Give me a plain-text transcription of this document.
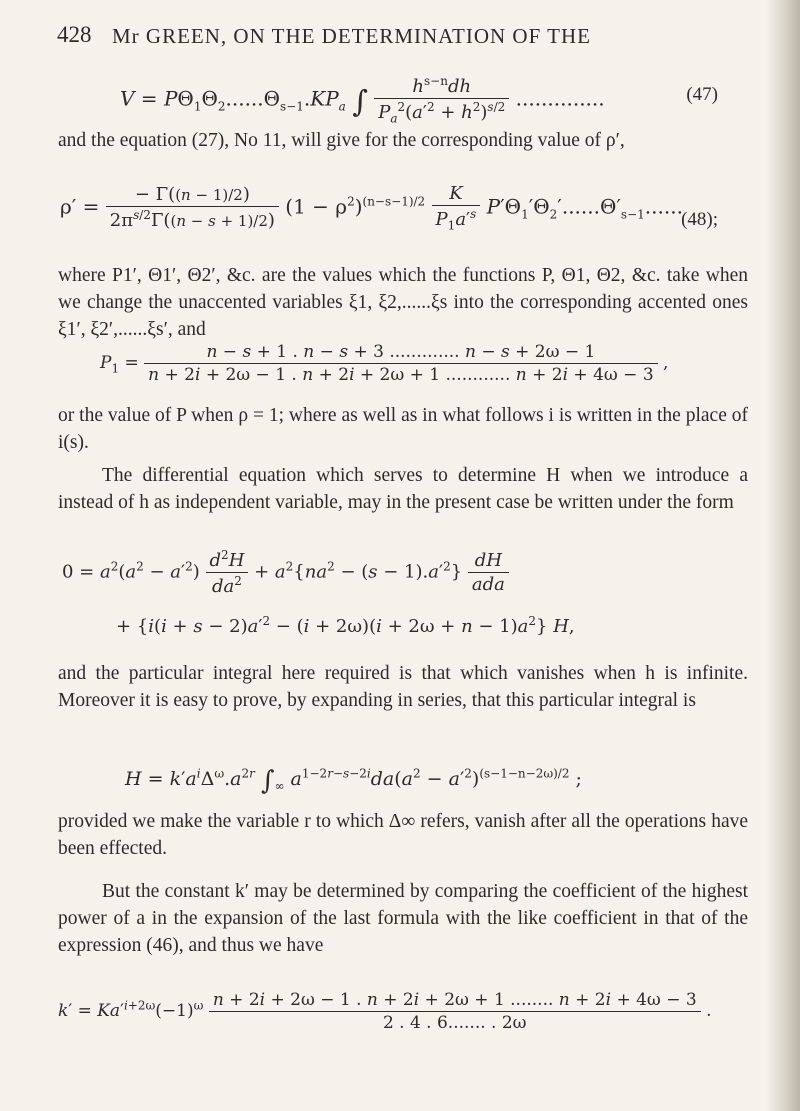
428 Mr GREEN, ON THE DETERMINATION OF THE
$V = P\Theta_1\Theta_2......\Theta_{s-1}.KP_a$ ∫ $\frac{h^{s-n}dh}{P_a^2(a'^2 + h^2)^{s/2}}$ ..............	(47)

and the equation (27), No 11, will give for the corresponding value of ρ′,

$\rho' = \frac{- \Gamma((n - 1)/2)}{2\pi^{s/2}\Gamma((n - s + 1)/2)} (1 - \rho^2)^{(n-s-1)/2} \frac{K}{P_1a'^s} P'\Theta_1'\Theta_2'......\Theta'_{s-1}$......
(48);

where P1′, Θ1′, Θ2′, &c. are the values which the functions P, Θ1, Θ2, &c. take when we change the unaccented variables ξ1, ξ2,......ξs into the corresponding accented ones ξ1′, ξ2′,......ξs′, and

$P_1$ =
n − s + 1 . n − s + 3 ............. n − s + 2ω − 1
n + 2i + 2ω − 1 . n + 2i + 2ω + 1 ............ n + 2i + 4ω − 3
,

or the value of P when ρ = 1; where as well as in what follows i is written in the place of i(s).

The differential equation which serves to determine H when we introduce a instead of h as independent variable, may in the present case be written under the form

$0 = a^2(a^2 - a'^2) \frac{d^2H}{da^2} + a^2\{na^2 - (s - 1).a'^2\} \frac{dH}{\text{ada}}$
+ $\{i(i + s - 2)a'^2 - (i + 2\omega)(i + 2\omega + n - 1)a^2\}$ H,

and the particular integral here required is that which vanishes when h is infinite. Moreover it is easy to prove, by expanding in series, that this particular integral is

$H = k'a^i\Delta^\omega.a^{2r}$ $\int_\infty$ $a^{1-2r-s-2i}da(a^2 - a'^2)^{(s-1-n-2\omega)/2}$ ;

provided we make the variable r to which Δ∞ refers, vanish after all the operations have been effected.

But the constant k′ may be determined by comparing the coefficient of the highest power of a in the expansion of the last formula with the like coefficient in that of the expression (46), and thus we have

$k' = Ka'^{i+2\omega}(-1)^\omega \frac{n + 2i + 2\omega - 1 . n + 2i + 2\omega + 1 ........ n + 2i + 4\omega - 3}{2 . 4 . 6....... . 2\omega}$ .
